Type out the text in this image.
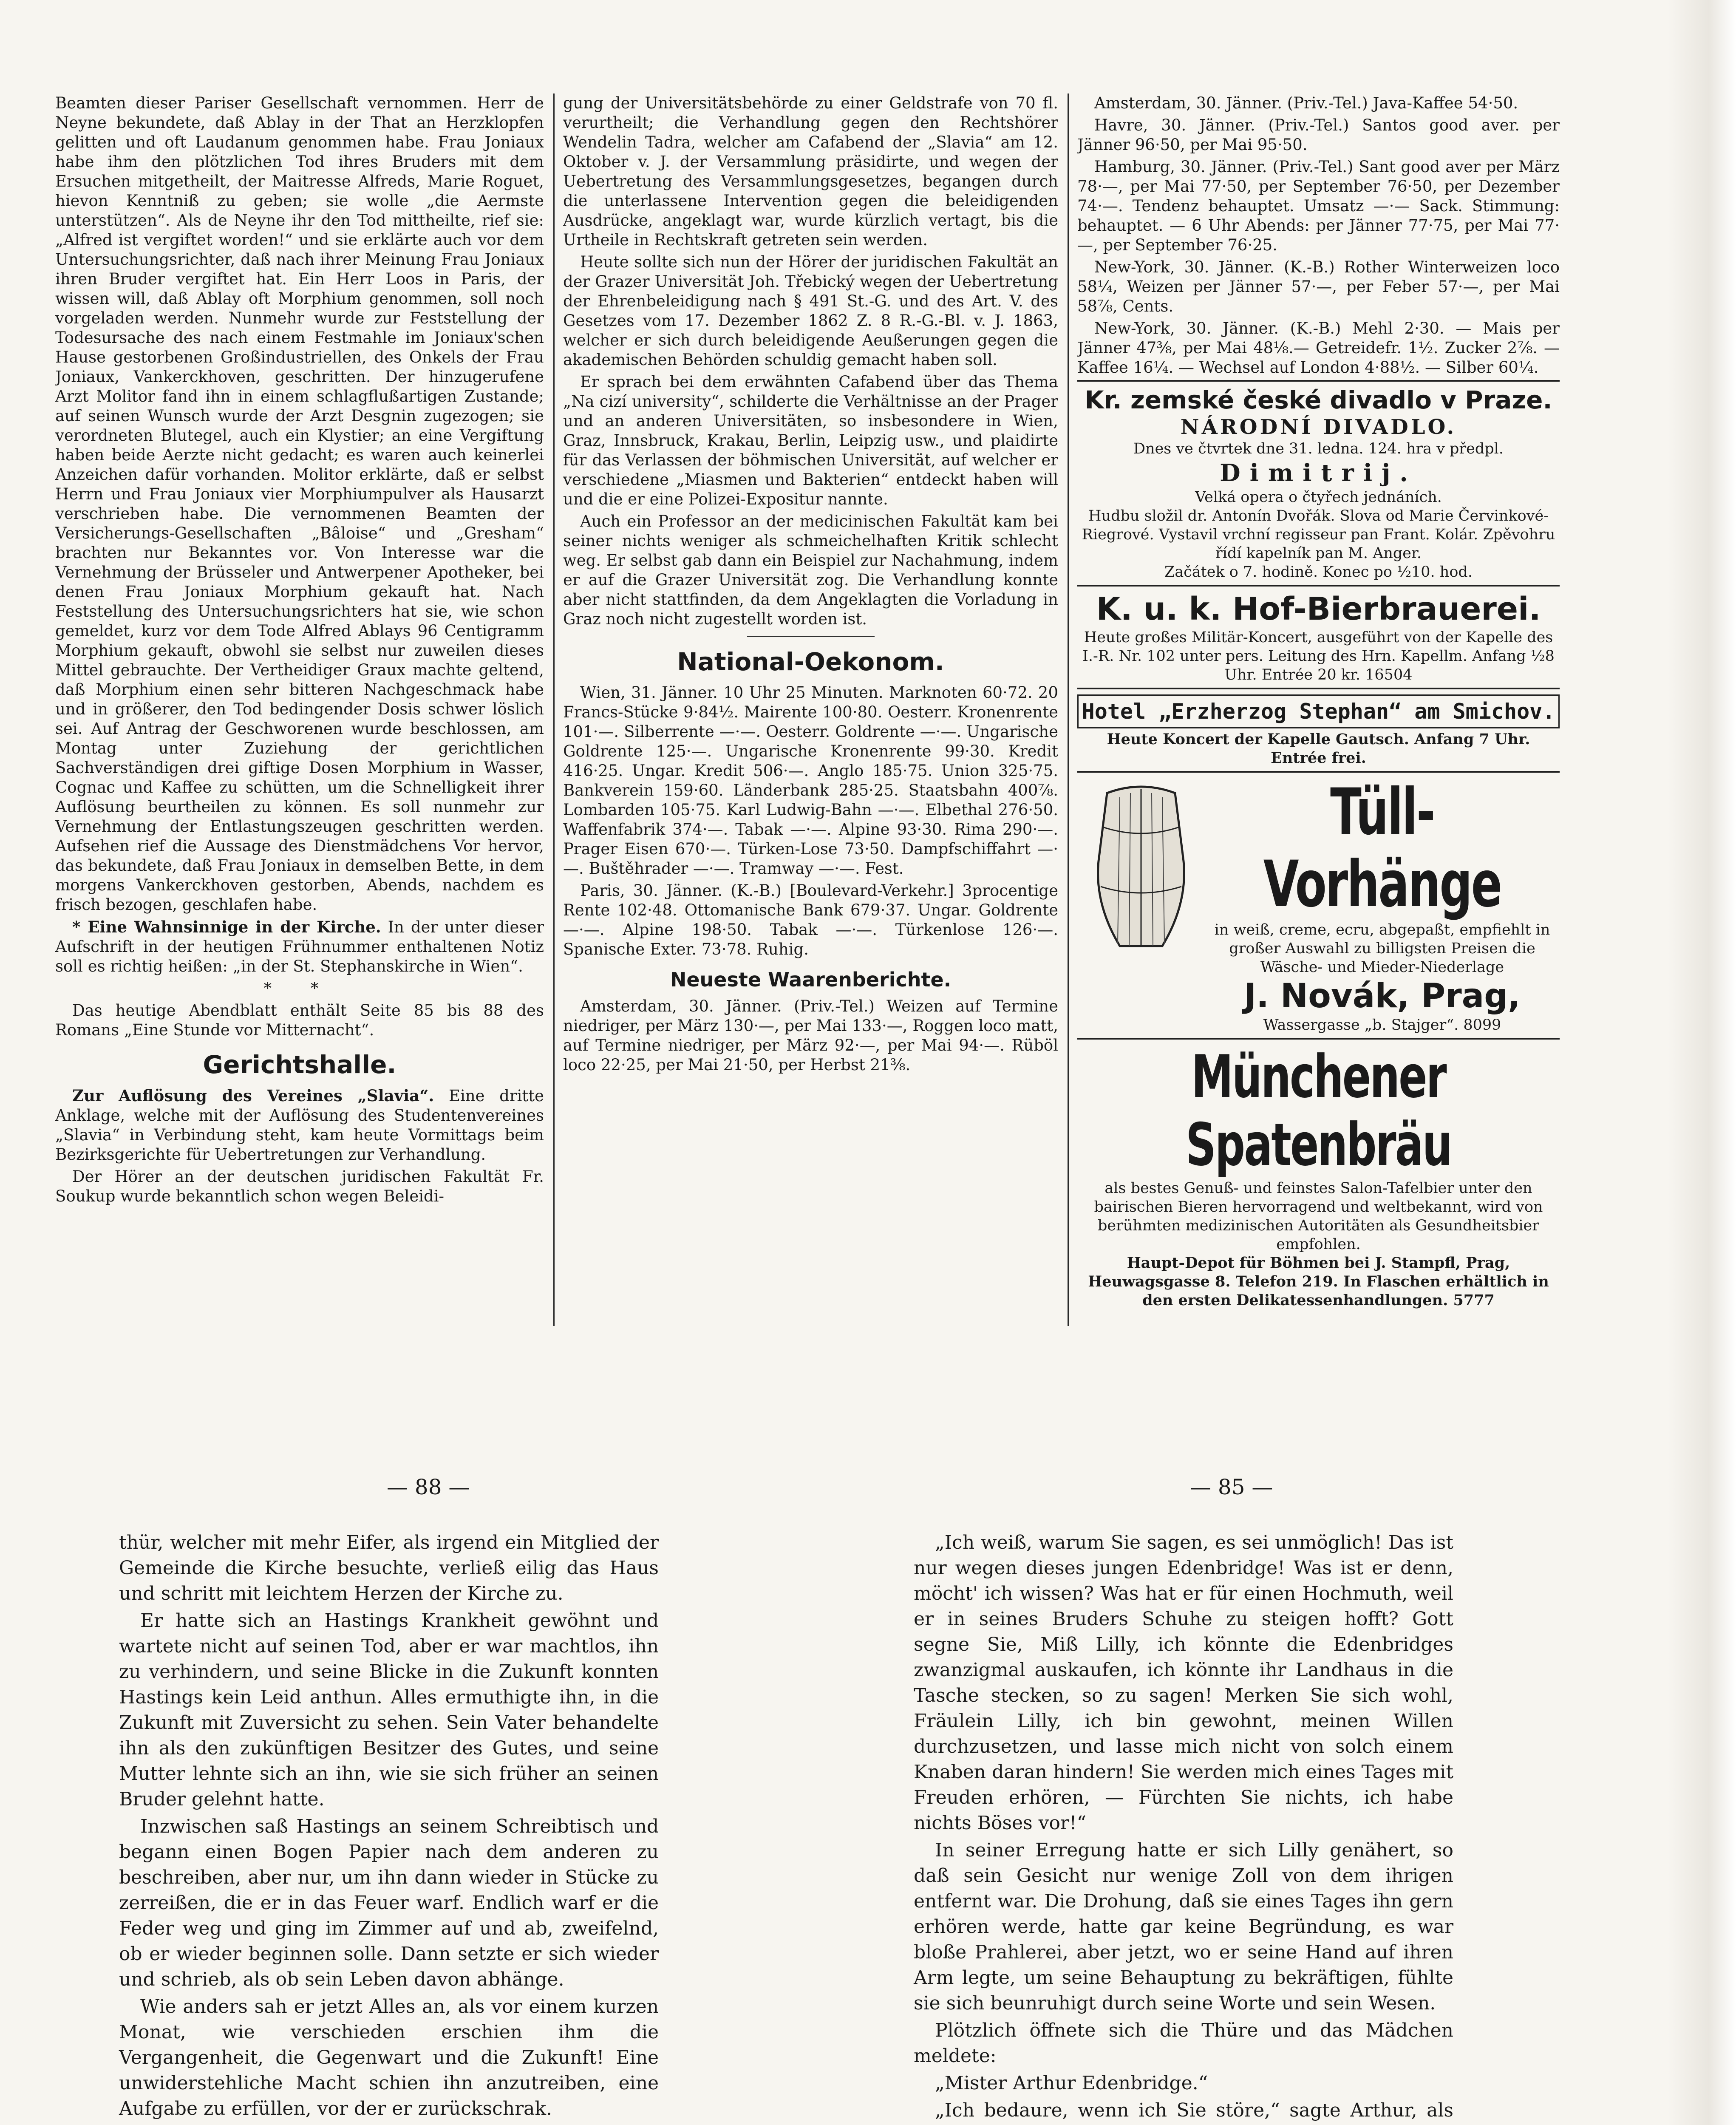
Beamten dieser Pariser Gesellschaft vernommen. Herr de Neyne bekundete, daß Ablay in der That an Herzklopfen gelitten und oft Laudanum genommen habe. Frau Joniaux habe ihm den plötzlichen Tod ihres Bruders mit dem Ersuchen mitgetheilt, der Maitresse Alfreds, Marie Roguet, hievon Kenntniß zu geben; sie wolle „die Aermste unterstützen“. Als de Neyne ihr den Tod mittheilte, rief sie: „Alfred ist vergiftet worden!“ und sie erklärte auch vor dem Untersuchungsrichter, daß nach ihrer Meinung Frau Joniaux ihren Bruder vergiftet hat. Ein Herr Loos in Paris, der wissen will, daß Ablay oft Morphium genommen, soll noch vorgeladen werden. Nunmehr wurde zur Feststellung der Todesursache des nach einem Festmahle im Joniaux'schen Hause gestorbenen Großindustriellen, des Onkels der Frau Joniaux, Vankerckhoven, geschritten. Der hinzugerufene Arzt Molitor fand ihn in einem schlagflußartigen Zustande; auf seinen Wunsch wurde der Arzt Desgnin zugezogen; sie verordneten Blutegel, auch ein Klystier; an eine Vergiftung haben beide Aerzte nicht gedacht; es waren auch keinerlei Anzeichen dafür vorhanden. Molitor erklärte, daß er selbst Herrn und Frau Joniaux vier Morphiumpulver als Hausarzt verschrieben habe. Die vernommenen Beamten der Versicherungs-Gesellschaften „Bâloise“ und „Gresham“ brachten nur Bekanntes vor. Von Interesse war die Vernehmung der Brüsseler und Antwerpener Apotheker, bei denen Frau Joniaux Morphium gekauft hat. Nach Feststellung des Untersuchungsrichters hat sie, wie schon gemeldet, kurz vor dem Tode Alfred Ablays 96 Centigramm Morphium gekauft, obwohl sie selbst nur zuweilen dieses Mittel gebrauchte. Der Vertheidiger Graux machte geltend, daß Morphium einen sehr bitteren Nachgeschmack habe und in größerer, den Tod bedingender Dosis schwer löslich sei. Auf Antrag der Geschworenen wurde beschlossen, am Montag unter Zuziehung der gerichtlichen Sachverständigen drei giftige Dosen Morphium in Wasser, Cognac und Kaffee zu schütten, um die Schnelligkeit ihrer Auflösung beurtheilen zu können. Es soll nunmehr zur Vernehmung der Entlastungszeugen geschritten werden. Aufsehen rief die Aussage des Dienstmädchens Vor hervor, das bekundete, daß Frau Joniaux in demselben Bette, in dem morgens Vankerckhoven gestorben, Abends, nachdem es frisch bezogen, geschlafen habe.

* Eine Wahnsinnige in der Kirche. In der unter dieser Aufschrift in der heutigen Frühnummer enthaltenen Notiz soll es richtig heißen: „in der St. Stephanskirche in Wien“.

* *

Das heutige Abendblatt enthält Seite 85 bis 88 des Romans „Eine Stunde vor Mitternacht“.

Gerichtshalle.

Zur Auflösung des Vereines „Slavia“. Eine dritte Anklage, welche mit der Auflösung des Studentenvereines „Slavia“ in Verbindung steht, kam heute Vormittags beim Bezirksgerichte für Uebertretungen zur Verhandlung.

Der Hörer an der deutschen juridischen Fakultät Fr. Soukup wurde bekanntlich schon wegen Beleidi-

gung der Universitätsbehörde zu einer Geldstrafe von 70 fl. verurtheilt; die Verhandlung gegen den Rechtshörer Wendelin Tadra, welcher am Cafabend der „Slavia“ am 12. Oktober v. J. der Versammlung präsidirte, und wegen der Uebertretung des Versammlungsgesetzes, begangen durch die unterlassene Intervention gegen die beleidigenden Ausdrücke, angeklagt war, wurde kürzlich vertagt, bis die Urtheile in Rechtskraft getreten sein werden.

Heute sollte sich nun der Hörer der juridischen Fakultät an der Grazer Universität Joh. Třebický wegen der Uebertretung der Ehrenbeleidigung nach § 491 St.-G. und des Art. V. des Gesetzes vom 17. Dezember 1862 Z. 8 R.-G.-Bl. v. J. 1863, welcher er sich durch beleidigende Aeußerungen gegen die akademischen Behörden schuldig gemacht haben soll.

Er sprach bei dem erwähnten Cafabend über das Thema „Na cizí university“, schilderte die Verhältnisse an der Prager und an anderen Universitäten, so insbesondere in Wien, Graz, Innsbruck, Krakau, Berlin, Leipzig usw., und plaidirte für das Verlassen der böhmischen Universität, auf welcher er verschiedene „Miasmen und Bakterien“ entdeckt haben will und die er eine Polizei-Expositur nannte.

Auch ein Professor an der medicinischen Fakultät kam bei seiner nichts weniger als schmeichelhaften Kritik schlecht weg. Er selbst gab dann ein Beispiel zur Nachahmung, indem er auf die Grazer Universität zog. Die Verhandlung konnte aber nicht stattfinden, da dem Angeklagten die Vorladung in Graz noch nicht zugestellt worden ist.

National-Oekonom.

Wien, 31. Jänner. 10 Uhr 25 Minuten. Marknoten 60·72. 20 Francs-Stücke 9·84½. Mairente 100·80. Oesterr. Kronenrente 101·—. Silberrente —·—. Oesterr. Goldrente —·—. Ungarische Goldrente 125·—. Ungarische Kronenrente 99·30. Kredit 416·25. Ungar. Kredit 506·—. Anglo 185·75. Union 325·75. Bankverein 159·60. Länderbank 285·25. Staatsbahn 400⅞. Lombarden 105·75. Karl Ludwig-Bahn —·—. Elbethal 276·50. Waffenfabrik 374·—. Tabak —·—. Alpine 93·30. Rima 290·—. Prager Eisen 670·—. Türken-Lose 73·50. Dampfschiffahrt —·—. Buštěhrader —·—. Tramway —·—. Fest.

Paris, 30. Jänner. (K.-B.) [Boulevard-Verkehr.] 3procentige Rente 102·48. Ottomanische Bank 679·37. Ungar. Goldrente —·—. Alpine 198·50. Tabak —·—. Türkenlose 126·—. Spanische Exter. 73·78. Ruhig.

Neueste Waarenberichte.

Amsterdam, 30. Jänner. (Priv.-Tel.) Weizen auf Termine niedriger, per März 130·—, per Mai 133·—, Roggen loco matt, auf Termine niedriger, per März 92·—, per Mai 94·—. Rüböl loco 22·25, per Mai 21·50, per Herbst 21⅜.

Amsterdam, 30. Jänner. (Priv.-Tel.) Java-Kaffee 54·50.

Havre, 30. Jänner. (Priv.-Tel.) Santos good aver. per Jänner 96·50, per Mai 95·50.

Hamburg, 30. Jänner. (Priv.-Tel.) Sant good aver per März 78·—, per Mai 77·50, per September 76·50, per Dezember 74·—. Tendenz behauptet. Umsatz —·— Sack. Stimmung: behauptet. — 6 Uhr Abends: per Jänner 77·75, per Mai 77·—, per September 76·25.

New-York, 30. Jänner. (K.-B.) Rother Winterweizen loco 58¼, Weizen per Jänner 57·—, per Feber 57·—, per Mai 58⅞, Cents.

New-York, 30. Jänner. (K.-B.) Mehl 2·30. — Mais per Jänner 47⅜, per Mai 48⅛.— Getreidefr. 1½. Zucker 2⅞. — Kaffee 16¼. — Wechsel auf London 4·88½. — Silber 60¼.

Kr. zemské české divadlo v Praze.
NÁRODNÍ DIVADLO.
Dnes ve čtvrtek dne 31. ledna. 124. hra v předpl.
Dimitrij.
Velká opera o čtyřech jednáních.
Hudbu složil dr. Antonín Dvořák. Slova od Marie Červinkové-Riegrové. Vystavil vrchní regisseur pan Frant. Kolár. Zpěvohru řídí kapelník pan M. Anger.
Začátek o 7. hodině. Konec po ½10. hod.
K. u. k. Hof-Bierbrauerei.
Heute großes Militär-Koncert, ausgeführt von der Kapelle des I.-R. Nr. 102 unter pers. Leitung des Hrn. Kapellm. Anfang ½8 Uhr. Entrée 20 kr. 16504
Hotel „Erzherzog Stephan“ am Smichov.
Heute Koncert der Kapelle Gautsch. Anfang 7 Uhr. Entrée frei.
Tüll-Vorhänge
in weiß, creme, ecru, abgepaßt, empfiehlt in großer Auswahl zu billigsten Preisen die Wäsche- und Mieder-Niederlage
J. Novák, Prag,
Wassergasse „b. Stajger“. 8099
Münchener Spatenbräu
als bestes Genuß- und feinstes Salon-Tafelbier unter den bairischen Bieren hervorragend und weltbekannt, wird von berühmten medizinischen Autoritäten als Gesundheitsbier empfohlen.
Haupt-Depot für Böhmen bei J. Stampfl, Prag, Heuwagsgasse 8. Telefon 219. In Flaschen erhältlich in den ersten Delikatessenhandlungen. 5777
— 88 —	— 85 —

thür, welcher mit mehr Eifer, als irgend ein Mitglied der Gemeinde die Kirche besuchte, verließ eilig das Haus und schritt mit leichtem Herzen der Kirche zu.

Er hatte sich an Hastings Krankheit gewöhnt und wartete nicht auf seinen Tod, aber er war machtlos, ihn zu verhindern, und seine Blicke in die Zukunft konnten Hastings kein Leid anthun. Alles ermuthigte ihn, in die Zukunft mit Zuversicht zu sehen. Sein Vater behandelte ihn als den zukünftigen Besitzer des Gutes, und seine Mutter lehnte sich an ihn, wie sie sich früher an seinen Bruder gelehnt hatte.

Inzwischen saß Hastings an seinem Schreibtisch und begann einen Bogen Papier nach dem anderen zu beschreiben, aber nur, um ihn dann wieder in Stücke zu zerreißen, die er in das Feuer warf. Endlich warf er die Feder weg und ging im Zimmer auf und ab, zweifelnd, ob er wieder beginnen solle. Dann setzte er sich wieder und schrieb, als ob sein Leben davon abhänge.

Wie anders sah er jetzt Alles an, als vor einem kurzen Monat, wie verschieden erschien ihm die Vergangenheit, die Gegenwart und die Zukunft! Eine unwiderstehliche Macht schien ihn anzutreiben, eine Aufgabe zu erfüllen, vor der er zurückschrak.

„Ich weiß, warum Sie sagen, es sei unmöglich! Das ist nur wegen dieses jungen Edenbridge! Was ist er denn, möcht' ich wissen? Was hat er für einen Hochmuth, weil er in seines Bruders Schuhe zu steigen hofft? Gott segne Sie, Miß Lilly, ich könnte die Edenbridges zwanzigmal auskaufen, ich könnte ihr Landhaus in die Tasche stecken, so zu sagen! Merken Sie sich wohl, Fräulein Lilly, ich bin gewohnt, meinen Willen durchzusetzen, und lasse mich nicht von solch einem Knaben daran hindern! Sie werden mich eines Tages mit Freuden erhören, — Fürchten Sie nichts, ich habe nichts Böses vor!“

In seiner Erregung hatte er sich Lilly genähert, so daß sein Gesicht nur wenige Zoll von dem ihrigen entfernt war. Die Drohung, daß sie eines Tages ihn gern erhören werde, hatte gar keine Begründung, es war bloße Prahlerei, aber jetzt, wo er seine Hand auf ihren Arm legte, um seine Behauptung zu bekräftigen, fühlte sie sich beunruhigt durch seine Worte und sein Wesen.

Plötzlich öffnete sich die Thüre und das Mädchen meldete:

„Mister Arthur Edenbridge.“

„Ich bedaure, wenn ich Sie störe,“ sagte Arthur, als
